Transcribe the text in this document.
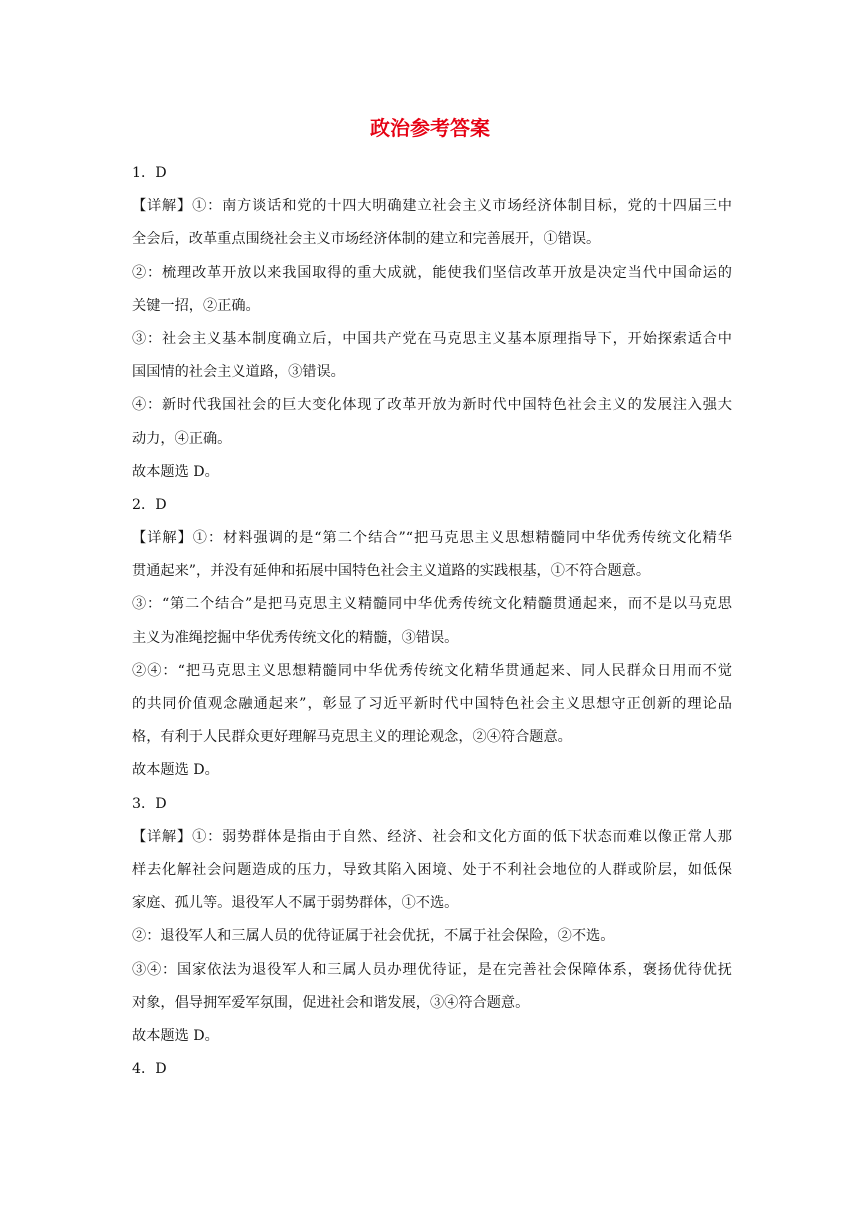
政治参考答案
1．D
【详解】①：南方谈话和党的十四大明确建立社会主义市场经济体制目标，党的十四届三中
全会后，改革重点围绕社会主义市场经济体制的建立和完善展开，①错误。
②：梳理改革开放以来我国取得的重大成就，能使我们坚信改革开放是决定当代中国命运的
关键一招，②正确。
③：社会主义基本制度确立后，中国共产党在马克思主义基本原理指导下，开始探索适合中
国国情的社会主义道路，③错误。
④：新时代我国社会的巨大变化体现了改革开放为新时代中国特色社会主义的发展注入强大
动力，④正确。
故本题选 D。
2．D
【详解】①：材料强调的是“第二个结合”“把马克思主义思想精髓同中华优秀传统文化精华
贯通起来”，并没有延伸和拓展中国特色社会主义道路的实践根基，①不符合题意。
③：“第二个结合”是把马克思主义精髓同中华优秀传统文化精髓贯通起来，而不是以马克思
主义为准绳挖掘中华优秀传统文化的精髓，③错误。
②④：“把马克思主义思想精髓同中华优秀传统文化精华贯通起来、同人民群众日用而不觉
的共同价值观念融通起来”，彰显了习近平新时代中国特色社会主义思想守正创新的理论品
格，有利于人民群众更好理解马克思主义的理论观念，②④符合题意。
故本题选 D。
3．D
【详解】①：弱势群体是指由于自然、经济、社会和文化方面的低下状态而难以像正常人那
样去化解社会问题造成的压力，导致其陷入困境、处于不利社会地位的人群或阶层，如低保
家庭、孤儿等。退役军人不属于弱势群体，①不选。
②：退役军人和三属人员的优待证属于社会优抚，不属于社会保险，②不选。
③④：国家依法为退役军人和三属人员办理优待证，是在完善社会保障体系，褒扬优待优抚
对象，倡导拥军爱军氛围，促进社会和谐发展，③④符合题意。
故本题选 D。
4．D
